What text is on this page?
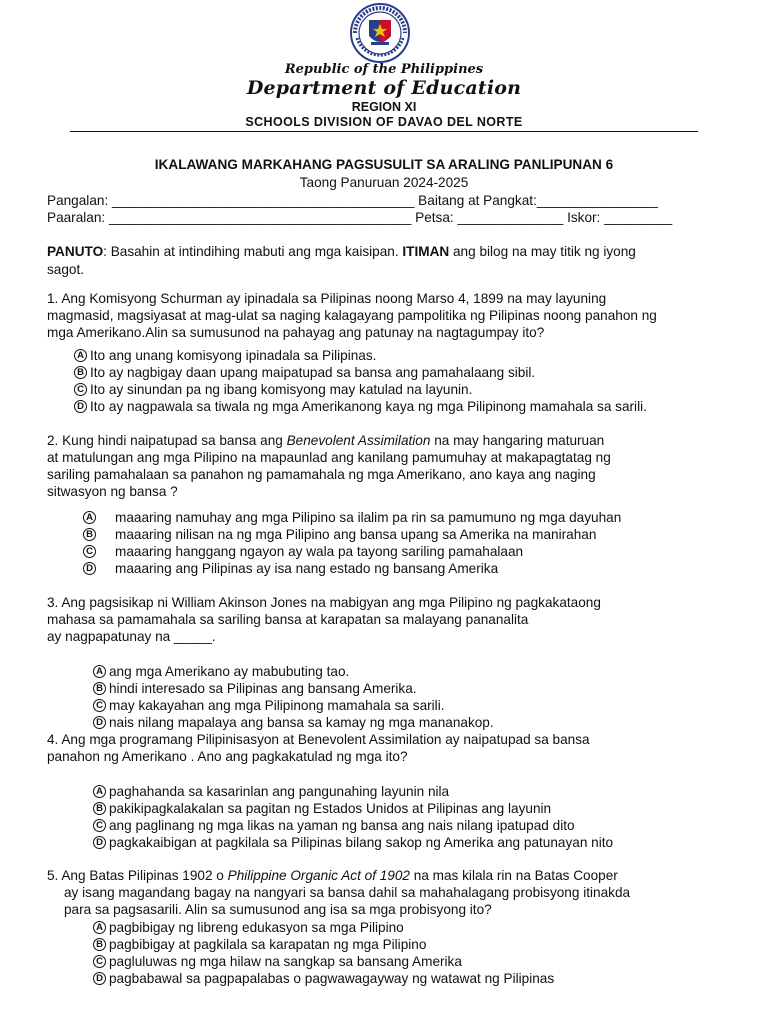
Republic of the Philippines
Department of Education
REGION XI
SCHOOLS DIVISION OF DAVAO DEL NORTE
IKALAWANG MARKAHANG PAGSUSULIT SA ARALING PANLIPUNAN 6
Taong Panuruan 2024-2025
Pangalan: ________________________________________ Baitang at Pangkat:________________
Paaralan: ________________________________________ Petsa: ______________ Iskor: _________
PANUTO: Basahin at intindihing mabuti ang mga kaisipan. ITIMAN ang bilog na may titik ng iyong
sagot.
1. Ang Komisyong Schurman ay ipinadala sa Pilipinas noong Marso 4, 1899 na may layuning
magmasid, magsiyasat at mag-ulat sa naging kalagayang pampolitika ng Pilipinas noong panahon ng
mga Amerikano.Alin sa sumusunod na pahayag ang patunay na nagtagumpay ito?
A Ito ang unang komisyong ipinadala sa Pilipinas.
B Ito ay nagbigay daan upang maipatupad sa bansa ang pamahalaang sibil.
C Ito ay sinundan pa ng ibang komisyong may katulad na layunin.
D Ito ay nagpawala sa tiwala ng mga Amerikanong kaya ng mga Pilipinong mamahala sa sarili.
2. Kung hindi naipatupad sa bansa ang Benevolent Assimilation na may hangaring maturuan
at matulungan ang mga Pilipino na mapaunlad ang kanilang pamumuhay at makapagtatag ng
sariling pamahalaan sa panahon ng pamamahala ng mga Amerikano, ano kaya ang naging
sitwasyon ng bansa ?
A maaaring namuhay ang mga Pilipino sa ilalim pa rin sa pamumuno ng mga dayuhan
B maaaring nilisan na ng mga Pilipino ang bansa upang sa Amerika na manirahan
C maaaring hanggang ngayon ay wala pa tayong sariling pamahalaan
D maaaring ang Pilipinas ay isa nang estado ng bansang Amerika
3. Ang pagsisikap ni William Akinson Jones na mabigyan ang mga Pilipino ng pagkakataong
mahasa sa pamamahala sa sariling bansa at karapatan sa malayang pananalita
ay nagpapatunay na _____.
A ang mga Amerikano ay mabubuting tao.
B hindi interesado sa Pilipinas ang bansang Amerika.
C may kakayahan ang mga Pilipinong mamahala sa sarili.
D nais nilang mapalaya ang bansa sa kamay ng mga mananakop.
4. Ang mga programang Pilipinisasyon at Benevolent Assimilation ay naipatupad sa bansa
panahon ng Amerikano . Ano ang pagkakatulad ng mga ito?
A paghahanda sa kasarinlan ang pangunahing layunin nila
B pakikipagkalakalan sa pagitan ng Estados Unidos at Pilipinas ang layunin
C ang paglinang ng mga likas na yaman ng bansa ang nais nilang ipatupad dito
D pagkakaibigan at pagkilala sa Pilipinas bilang sakop ng Amerika ang patunayan nito
5. Ang Batas Pilipinas 1902 o Philippine Organic Act of 1902 na mas kilala rin na Batas Cooper
ay isang magandang bagay na nangyari sa bansa dahil sa mahahalagang probisyong itinakda
para sa pagsasarili. Alin sa sumusunod ang isa sa mga probisyong ito?
A pagbibigay ng libreng edukasyon sa mga Pilipino
B pagbibigay at pagkilala sa karapatan ng mga Pilipino
C pagluluwas ng mga hilaw na sangkap sa bansang Amerika
D pagbabawal sa pagpapalabas o pagwawagayway ng watawat ng Pilipinas
